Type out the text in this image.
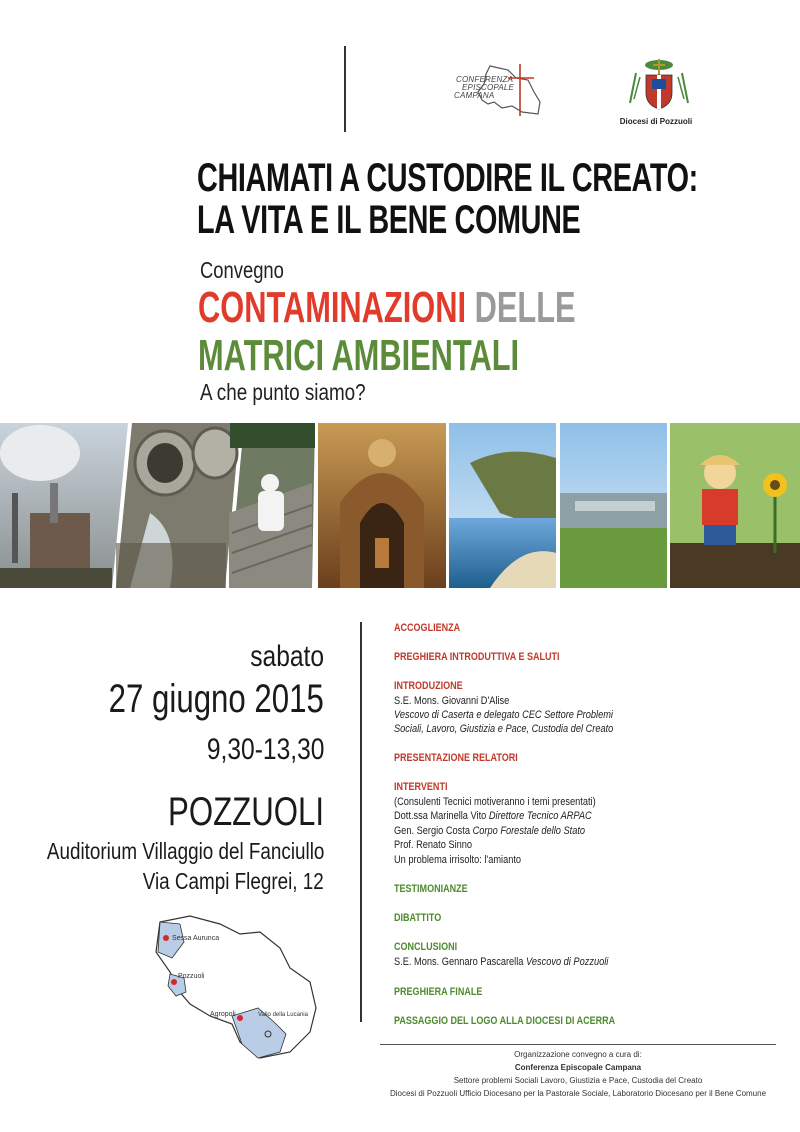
CONFERENZA
EPISCOPALE
CAMPANA
Diocesi di Pozzuoli
CHIAMATI A CUSTODIRE IL CREATO:
LA VITA E IL BENE COMUNE
Convegno
CONTAMINAZIONI DELLE
MATRICI AMBIENTALI
A che punto siamo?
sabato
27 giugno 2015
9,30-13,30
POZZUOLI
Auditorium Villaggio del Fanciullo
Via Campi Flegrei, 12
Sessa Aurunca
Pozzuoli
Agropoli	Vallo della Lucania
ACCOGLIENZA
PREGHIERA INTRODUTTIVA E SALUTI
INTRODUZIONE
S.E. Mons. Giovanni D'Alise
Vescovo di Caserta e delegato CEC Settore Problemi
Sociali, Lavoro, Giustizia e Pace, Custodia del Creato
PRESENTAZIONE RELATORI
INTERVENTI
(Consulenti Tecnici motiveranno i temi presentati)
Dott.ssa Marinella Vito Direttore Tecnico ARPAC
Gen. Sergio Costa Corpo Forestale dello Stato
Prof. Renato Sinno
Un problema irrisolto: l'amianto
TESTIMONIANZE
DIBATTITO
CONCLUSIONI
S.E. Mons. Gennaro Pascarella Vescovo di Pozzuoli
PREGHIERA FINALE
PASSAGGIO DEL LOGO ALLA DIOCESI DI ACERRA
Organizzazione convegno a cura di:
Conferenza Episcopale Campana
Settore problemi Sociali Lavoro, Giustizia e Pace, Custodia del Creato
Diocesi di Pozzuoli Ufficio Diocesano per la Pastorale Sociale, Laboratorio Diocesano per il Bene Comune
